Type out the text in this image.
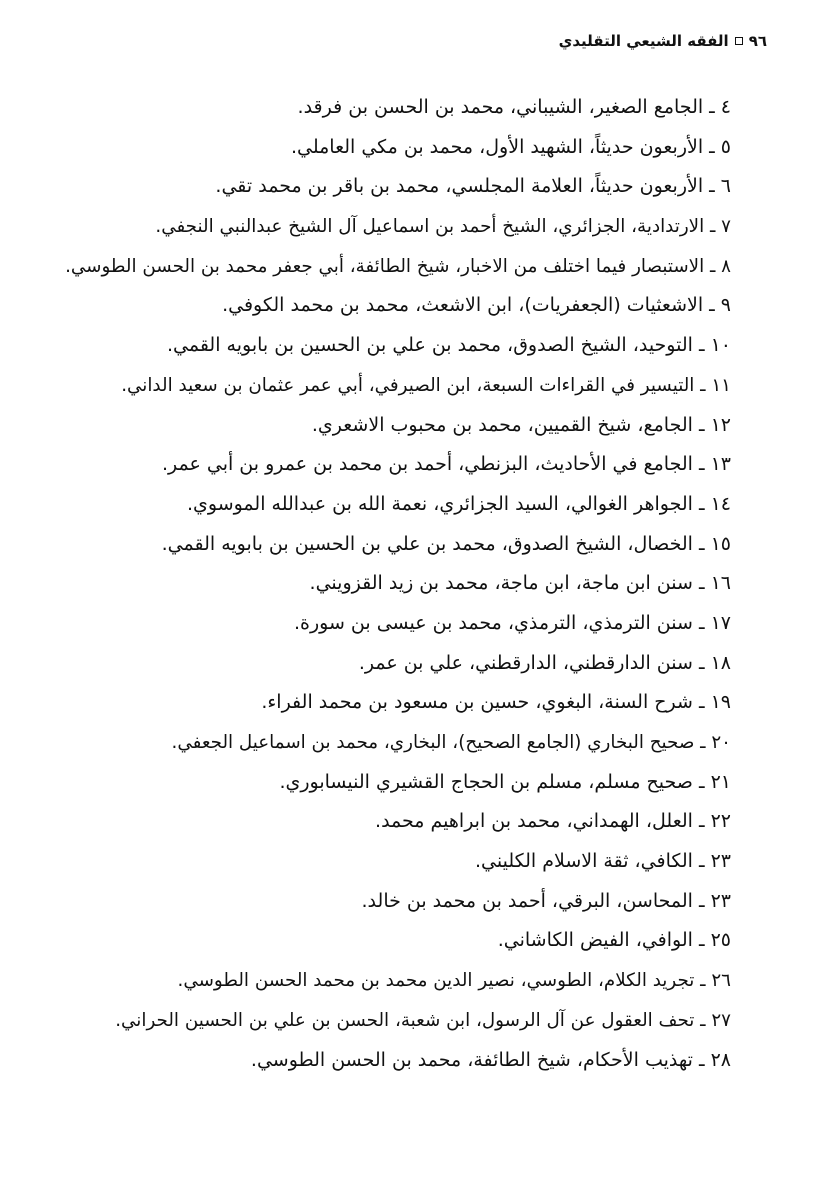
٩٦
الفقه الشيعي التقليدي
٤ ـ الجامع الصغير، الشيباني، محمد بن الحسن بن فرقد.
٥ ـ الأربعون حديثاً، الشهيد الأول، محمد بن مكي العاملي.
٦ ـ الأربعون حديثاً، العلامة المجلسي، محمد بن باقر بن محمد تقي.
٧ ـ الارتدادية، الجزائري، الشيخ أحمد بن اسماعيل آل الشيخ عبدالنبي النجفي.
٨ ـ الاستبصار فيما اختلف من الاخبار، شيخ الطائفة، أبي جعفر محمد بن الحسن الطوسي.
٩ ـ الاشعثيات (الجعفريات)، ابن الاشعث، محمد بن محمد الكوفي.
١٠ ـ التوحيد، الشيخ الصدوق، محمد بن علي بن الحسين بن بابويه القمي.
١١ ـ التيسير في القراءات السبعة، ابن الصيرفي، أبي عمر عثمان بن سعيد الداني.
١٢ ـ الجامع، شيخ القميين، محمد بن محبوب الاشعري.
١٣ ـ الجامع في الأحاديث، البزنطي، أحمد بن محمد بن عمرو بن أبي عمر.
١٤ ـ الجواهر الغوالي، السيد الجزائري، نعمة الله بن عبدالله الموسوي.
١٥ ـ الخصال، الشيخ الصدوق، محمد بن علي بن الحسين بن بابويه القمي.
١٦ ـ سنن ابن ماجة، ابن ماجة، محمد بن زيد القزويني.
١٧ ـ سنن الترمذي، الترمذي، محمد بن عيسى بن سورة.
١٨ ـ سنن الدارقطني، الدارقطني، علي بن عمر.
١٩ ـ شرح السنة، البغوي، حسين بن مسعود بن محمد الفراء.
٢٠ ـ صحيح البخاري (الجامع الصحيح)، البخاري، محمد بن اسماعيل الجعفي.
٢١ ـ صحيح مسلم، مسلم بن الحجاج القشيري النيسابوري.
٢٢ ـ العلل، الهمداني، محمد بن ابراهيم محمد.
٢٣ ـ الكافي، ثقة الاسلام الكليني.
٢٣ ـ المحاسن، البرقي، أحمد بن محمد بن خالد.
٢٥ ـ الوافي، الفيض الكاشاني.
٢٦ ـ تجريد الكلام، الطوسي، نصير الدين محمد بن محمد الحسن الطوسي.
٢٧ ـ تحف العقول عن آل الرسول، ابن شعبة، الحسن بن علي بن الحسين الحراني.
٢٨ ـ تهذيب الأحكام، شيخ الطائفة، محمد بن الحسن الطوسي.
